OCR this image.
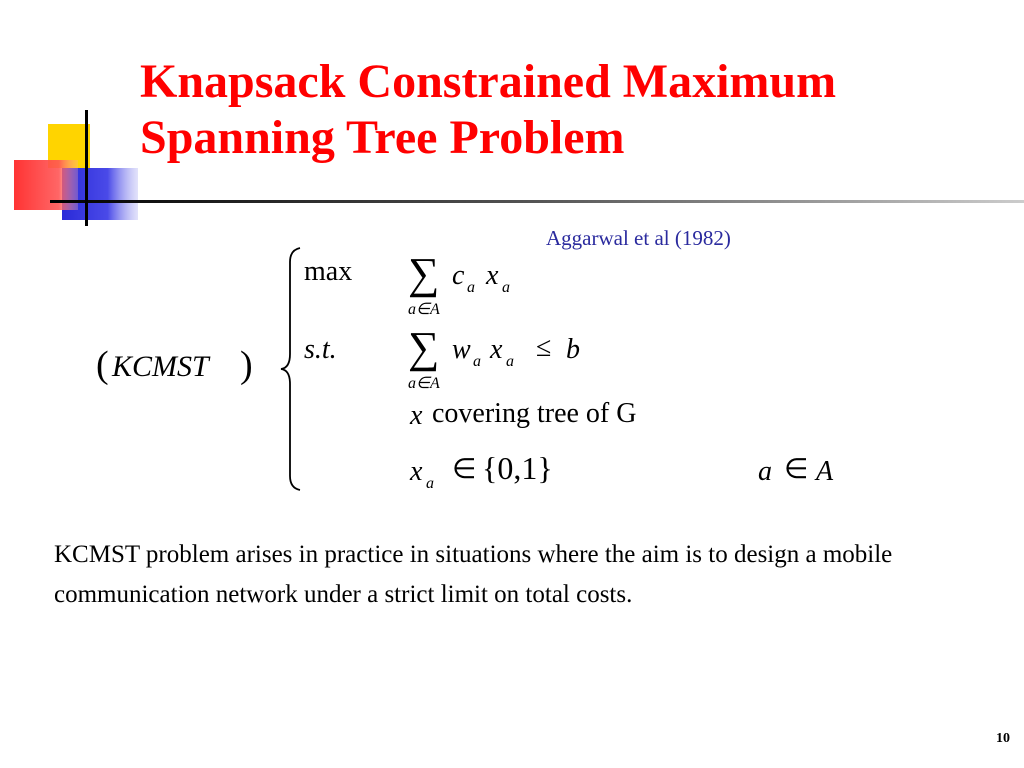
Knapsack Constrained Maximum
Spanning Tree Problem
Aggarwal et al (1982)
( KCMST )
max ∑
a∈A
c a x a
s.t. ∑
a∈A
w a x a ≤ b
x covering tree of G
x a ∈ {0,1}	a ∈ A
KCMST problem arises in practice in situations where the aim is to design a mobile communication network under a strict limit on total costs.
10
